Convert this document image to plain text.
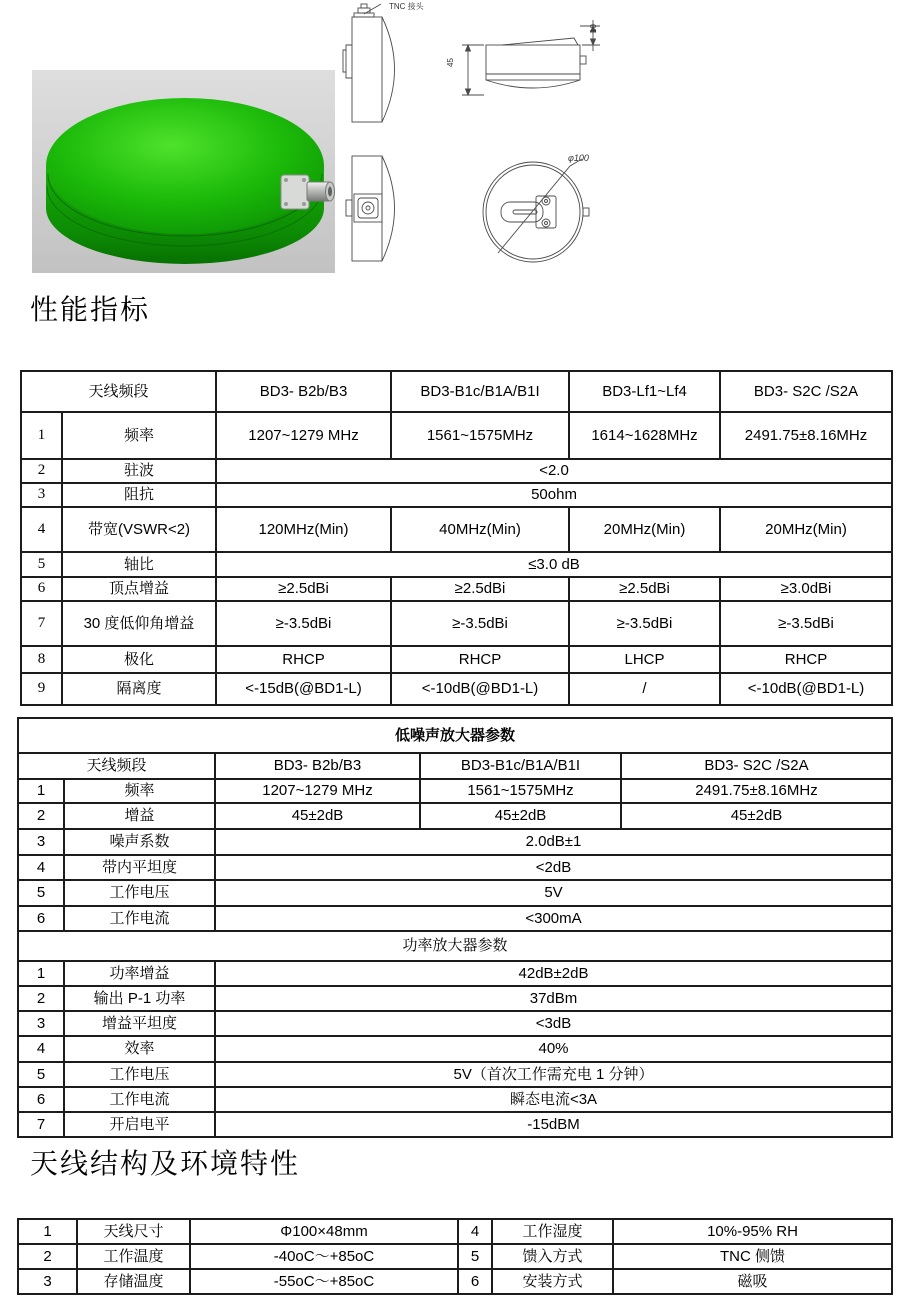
TNC 接头
45
10
φ100
性能指标
天线频段		BD3- B2b/B3	BD3-B1c/B1A/B1I	BD3-Lf1~Lf4	BD3- S2C /S2A
1	频率	1207~1279 MHz	1561~1575MHz	1614~1628MHz	2491.75±8.16MHz
2	驻波	<2.0			
3	阻抗	50ohm			
4	带宽(VSWR<2)	120MHz(Min)	40MHz(Min)	20MHz(Min)	20MHz(Min)
5	轴比	≤3.0 dB			
6	顶点增益	≥2.5dBi	≥2.5dBi	≥2.5dBi	≥3.0dBi
7	30 度低仰角增益	≥-3.5dBi	≥-3.5dBi	≥-3.5dBi	≥-3.5dBi
8	极化	RHCP	RHCP	LHCP	RHCP
9	隔离度	<-15dB(@BD1-L)	<-10dB(@BD1-L)	/	<-10dB(@BD1-L)
低噪声放大器参数				
天线频段		BD3- B2b/B3	BD3-B1c/B1A/B1I	BD3- S2C /S2A
1	频率	1207~1279 MHz	1561~1575MHz	2491.75±8.16MHz
2	增益	45±2dB	45±2dB	45±2dB
3	噪声系数	2.0dB±1		
4	带内平坦度	<2dB		
5	工作电压	5V		
6	工作电流	<300mA		
功率放大器参数				
1	功率增益	42dB±2dB		
2	输出 P-1 功率	37dBm		
3	增益平坦度	<3dB		
4	效率	40%		
5	工作电压	5V（首次工作需充电 1 分钟）		
6	工作电流	瞬态电流<3A		
7	开启电平	-15dBM		
天线结构及环境特性
1	天线尺寸	Φ100×48mm	4	工作湿度	10%-95% RH
2	工作温度	-40oC～+85oC	5	馈入方式	TNC 侧馈
3	存储温度	-55oC～+85oC	6	安装方式	磁吸
